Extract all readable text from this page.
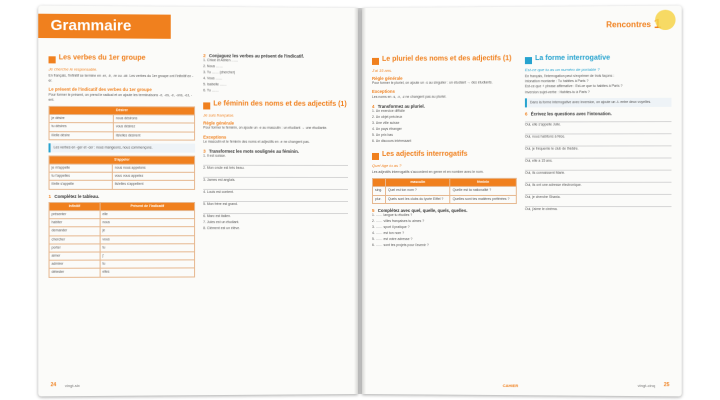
Grammaire
Les verbes du 1er groupe
Je cherche le responsable.
En français, l'infinitif se termine en -er, -ir, -re ou -oir. Les verbes du 1er groupe ont l'infinitif en -er.
Le présent de l'indicatif des verbes du 1er groupe
Pour former le présent, on prend le radical et on ajoute les terminaisons -e, -es, -e, -ons, -ez, -ent.
Désirer	
je désire	nous désirons
tu désires	vous désirez
il/elle désire	ils/elles désirent
Les verbes en -ger et -cer : nous mangeons, nous commençons.
S'appeler	
je m'appelle	nous nous appelons
tu t'appelles	vous vous appelez
il/elle s'appelle	ils/elles s'appellent
1 Complétez le tableau.
Infinitif	Présent de l'indicatif
présenter	elle
habiter	nous
demander	je
chercher	vous
porter	tu
aimer	j'
admirer	tu
détester	elles
2 Conjuguez les verbes au présent de l'indicatif.
1. Chloé et Adrien ……
2. Nous ……
3. Tu …… (chercher)
4. Vous ……
5. Isabelle ……
6. Tu ……
Le féminin des noms et des adjectifs (1)
Je suis française.
Règle générale
Pour former le féminin, on ajoute un -e au masculin : un étudiant → une étudiante.
Exceptions
Le masculin et le féminin des noms et adjectifs en -e ne changent pas.
3 Transformez les mots soulignés au féminin.
1. Il est suisse.
2. Mon oncle est très beau.
3. James est anglais.
4. Louis est content.
5. Mon frère est grand.
6. Marc est italien.
7. Jules est un étudiant.
8. Clément est un élève.
24 vingt-six
Rencontres
Le pluriel des noms et des adjectifs (1)
J'ai 15 ans.
Règle générale
Pour former le pluriel, on ajoute un -s au singulier : un étudiant → des étudiants.
Exceptions
Les noms en -s, -x, -z ne changent pas au pluriel.
4 Transformez au pluriel.
1. Un exercice difficile
2. Un objet précieux
3. Une ville suisse
4. Un pays étranger
5. Un prix bas
6. Un discours intéressant
Les adjectifs interrogatifs
Quel âge tu as ?
Les adjectifs interrogatifs s'accordent en genre et en nombre avec le nom.
	masculin	féminin
sing.	Quel est ton nom ?	Quelle est ta nationalité ?
plur.	Quels sont les clubs du lycée Eiffel ?	Quelles sont tes matières préférées ?
5 Complétez avec quel, quelle, quels, quelles.
1. …… langue tu étudies ?
2. …… villes françaises tu aimes ?
3. …… sport il pratique ?
4. …… est ton nom ?
5. …… est votre adresse ?
6. …… sont tes projets pour l'avenir ?
La forme interrogative
Est-ce que tu as un numéro de portable ?
En français, l'interrogation peut s'exprimer de trois façons :
intonation montante : Tu habites à Paris ?
Est-ce que + phrase affirmative : Est-ce que tu habites à Paris ?
inversion sujet-verbe : Habites-tu à Paris ?
Dans la forme interrogative avec inversion, on ajoute un -t- entre deux voyelles.
6 Écrivez les questions avec l'intonation.
Oui, elle s'appelle Julie.
Oui, nous habitons à Nice.
Oui, je fréquente le club de théâtre.
Oui, elle a 15 ans.
Oui, ils connaissent Marie.
Oui, ils ont une adresse électronique.
Oui, je cherche Shania.
Oui, j'aime le cinéma.
CAHIER	vingt-cinq 25
